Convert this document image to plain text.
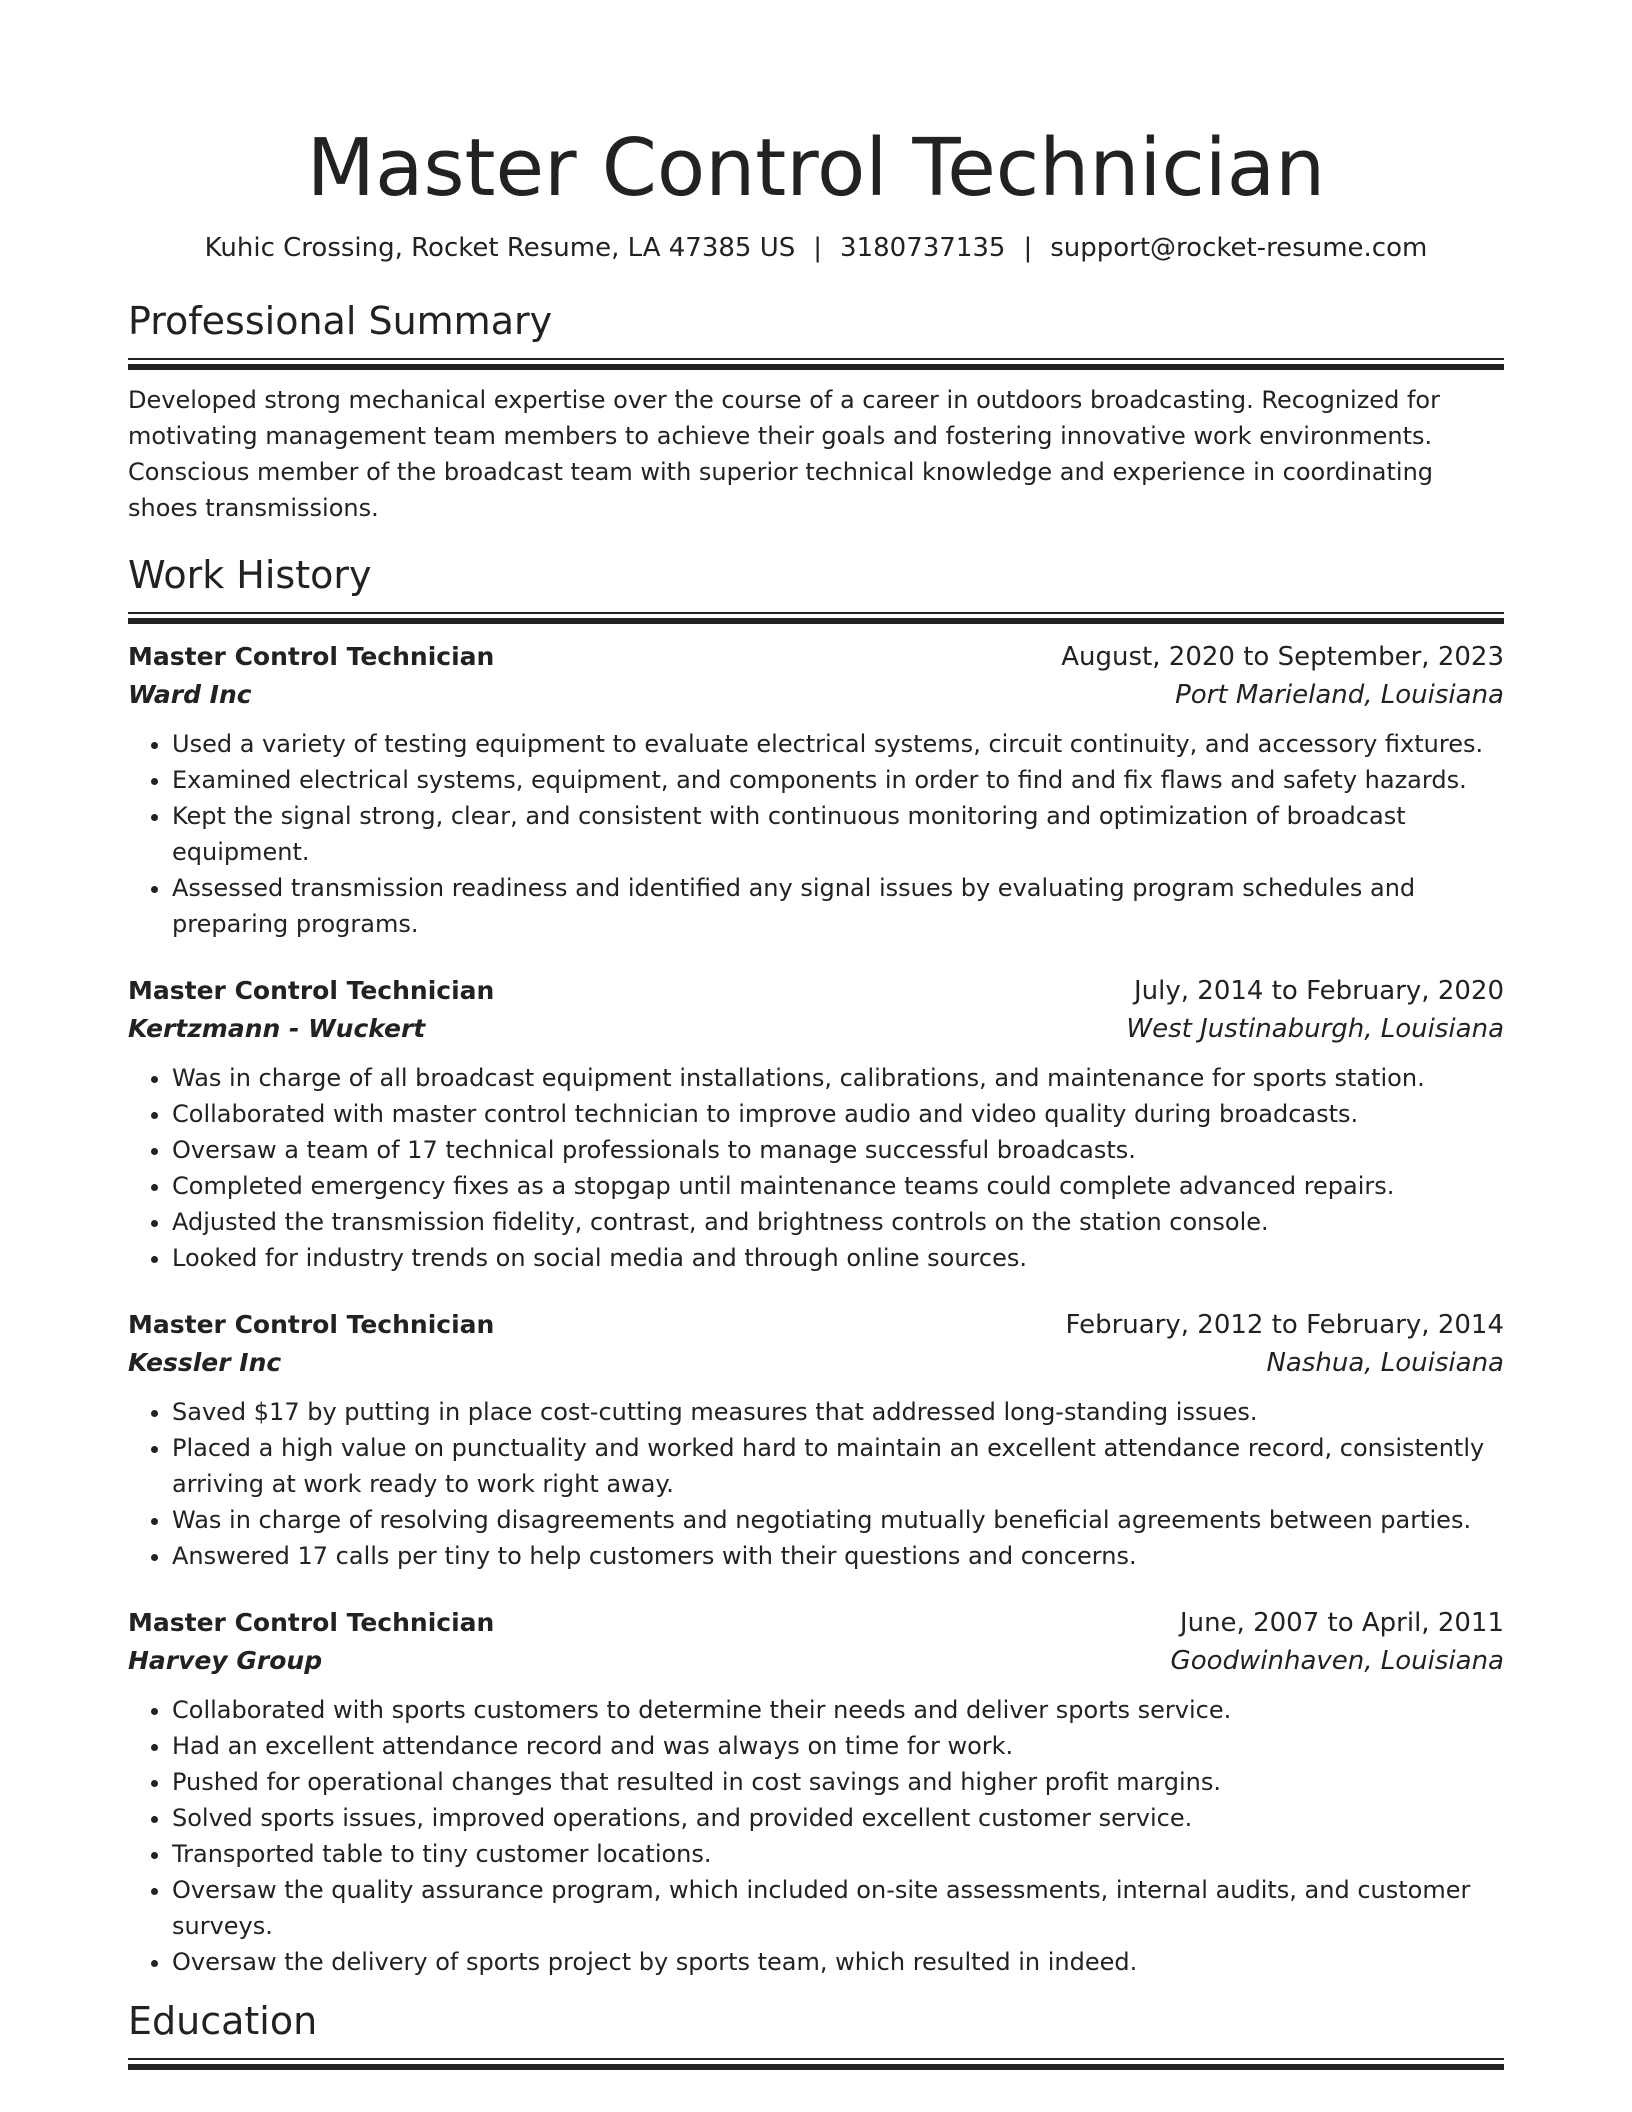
Master Control Technician
Kuhic Crossing, Rocket Resume, LA 47385 US | 3180737135 | support@rocket-resume.com
Professional Summary

Developed strong mechanical expertise over the course of a career in outdoors broadcasting. Recognized for motivating management team members to achieve their goals and fostering innovative work environments. Conscious member of the broadcast team with superior technical knowledge and experience in coordinating shoes transmissions.

Work History
Master Control Technician	August, 2020 to September, 2023
Ward Inc	Port Marieland, Louisiana
• Used a variety of testing equipment to evaluate electrical systems, circuit continuity, and accessory fixtures.
• Examined electrical systems, equipment, and components in order to find and fix flaws and safety hazards.
• Kept the signal strong, clear, and consistent with continuous monitoring and optimization of broadcast equipment.
• Assessed transmission readiness and identified any signal issues by evaluating program schedules and preparing programs.
Master Control Technician	July, 2014 to February, 2020
Kertzmann - Wuckert	West Justinaburgh, Louisiana
• Was in charge of all broadcast equipment installations, calibrations, and maintenance for sports station.
• Collaborated with master control technician to improve audio and video quality during broadcasts.
• Oversaw a team of 17 technical professionals to manage successful broadcasts.
• Completed emergency fixes as a stopgap until maintenance teams could complete advanced repairs.
• Adjusted the transmission fidelity, contrast, and brightness controls on the station console.
• Looked for industry trends on social media and through online sources.
Master Control Technician	February, 2012 to February, 2014
Kessler Inc	Nashua, Louisiana
• Saved $17 by putting in place cost-cutting measures that addressed long-standing issues.
• Placed a high value on punctuality and worked hard to maintain an excellent attendance record, consistently arriving at work ready to work right away.
• Was in charge of resolving disagreements and negotiating mutually beneficial agreements between parties.
• Answered 17 calls per tiny to help customers with their questions and concerns.
Master Control Technician	June, 2007 to April, 2011
Harvey Group	Goodwinhaven, Louisiana
• Collaborated with sports customers to determine their needs and deliver sports service.
• Had an excellent attendance record and was always on time for work.
• Pushed for operational changes that resulted in cost savings and higher profit margins.
• Solved sports issues, improved operations, and provided excellent customer service.
• Transported table to tiny customer locations.
• Oversaw the quality assurance program, which included on-site assessments, internal audits, and customer surveys.
• Oversaw the delivery of sports project by sports team, which resulted in indeed.
Education
